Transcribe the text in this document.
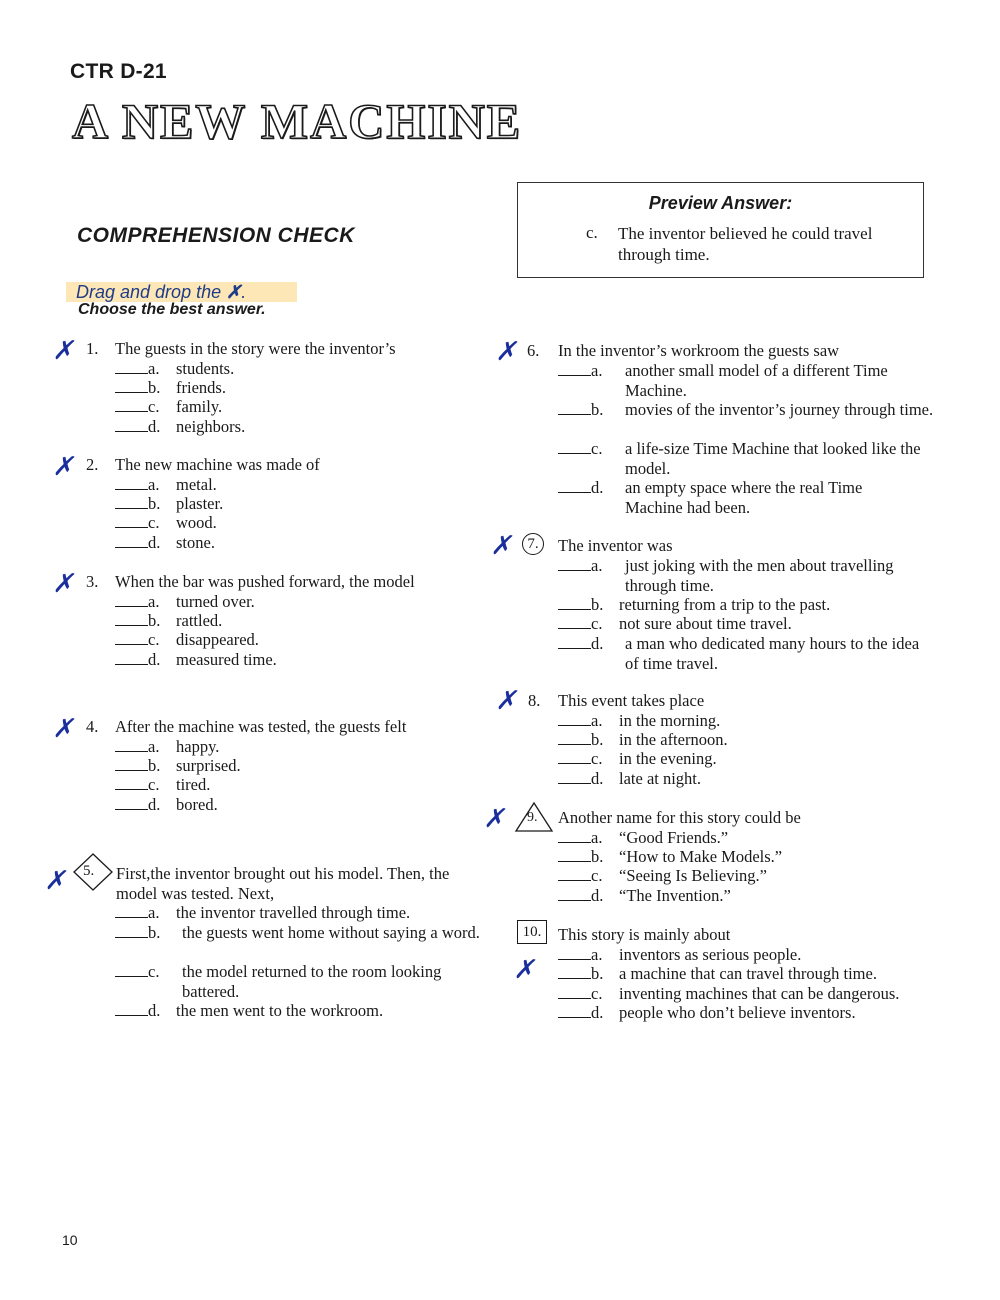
CTR D-21
A NEW MACHINE
COMPREHENSION CHECK
Preview Answer:
c. The inventor believed he could travel through time.
Drag and drop the ✗.
Choose the best answer.
✗ 1. The guests in the story were the inventor’s
a. students.
b. friends.
c. family.
d. neighbors.
✗ 2. The new machine was made of
a. metal.
b. plaster.
c. wood.
d. stone.
✗ 3. When the bar was pushed forward, the model
a. turned over.
b. rattled.
c. disappeared.
d. measured time.
✗ 4. After the machine was tested, the guests felt
a. happy.
b. surprised.
c. tired.
d. bored.
✗ 5. First,the inventor brought out his model. Then, the
model was tested. Next,
a. the inventor travelled through time.
b. the guests went home without saying a word.
c. the model returned to the room looking battered.
d. the men went to the workroom.
✗ 6. In the inventor’s workroom the guests saw
a. another small model of a different Time Machine.
b. movies of the inventor’s journey through time.
c. a life-size Time Machine that looked like the model.
d. an empty space where the real Time Machine had been.
✗ 7.	The inventor was
a. just joking with the men about travelling through time.
b. returning from a trip to the past.
c. not sure about time travel.
d. a man who dedicated many hours to the idea of time travel.
✗ 8. This event takes place
a. in the morning.
b. in the afternoon.
c. in the evening.
d. late at night.
✗ 9. Another name for this story could be
a. “Good Friends.”
b. “How to Make Models.”
c. “Seeing Is Believing.”
d. “The Invention.”
10.
✗
This story is mainly about
a. inventors as serious people.
b. a machine that can travel through time.
c. inventing machines that can be dangerous.
d. people who don’t believe inventors.
10
